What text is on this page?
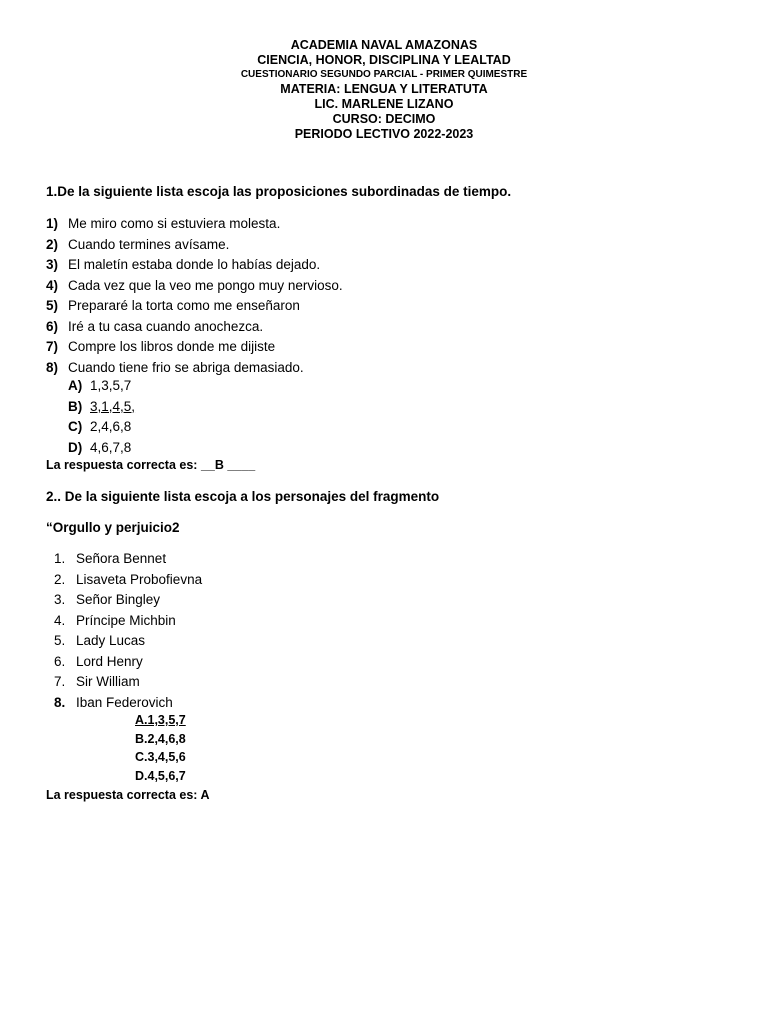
ACADEMIA NAVAL AMAZONAS
CIENCIA, HONOR, DISCIPLINA Y LEALTAD
CUESTIONARIO SEGUNDO PARCIAL - PRIMER QUIMESTRE
MATERIA: LENGUA Y LITERATUTA
LIC. MARLENE LIZANO
CURSO: DECIMO
PERIODO LECTIVO 2022-2023
1.De la siguiente lista escoja las proposiciones subordinadas de tiempo.
1) Me miro como si estuviera molesta.
2) Cuando termines avísame.
3) El maletín estaba donde lo habías dejado.
4) Cada vez que la veo me pongo muy nervioso.
5) Prepararé la torta como me enseñaron
6) Iré a tu casa cuando anochezca.
7) Compre los libros donde me dijiste
8) Cuando tiene frio se abriga demasiado.
A) 1,3,5,7
B) 3,1,4,5,
C) 2,4,6,8
D) 4,6,7,8
La respuesta correcta es: __B ____
2.. De la siguiente lista escoja a los personajes del fragmento
“Orgullo y perjuicio2
1. Señora Bennet
2. Lisaveta Probofievna
3. Señor Bingley
4. Príncipe Michbin
5. Lady Lucas
6. Lord Henry
7. Sir William
8. Iban Federovich
A.1,3,5,7
B.2,4,6,8
C.3,4,5,6
D.4,5,6,7
La respuesta correcta es: A
